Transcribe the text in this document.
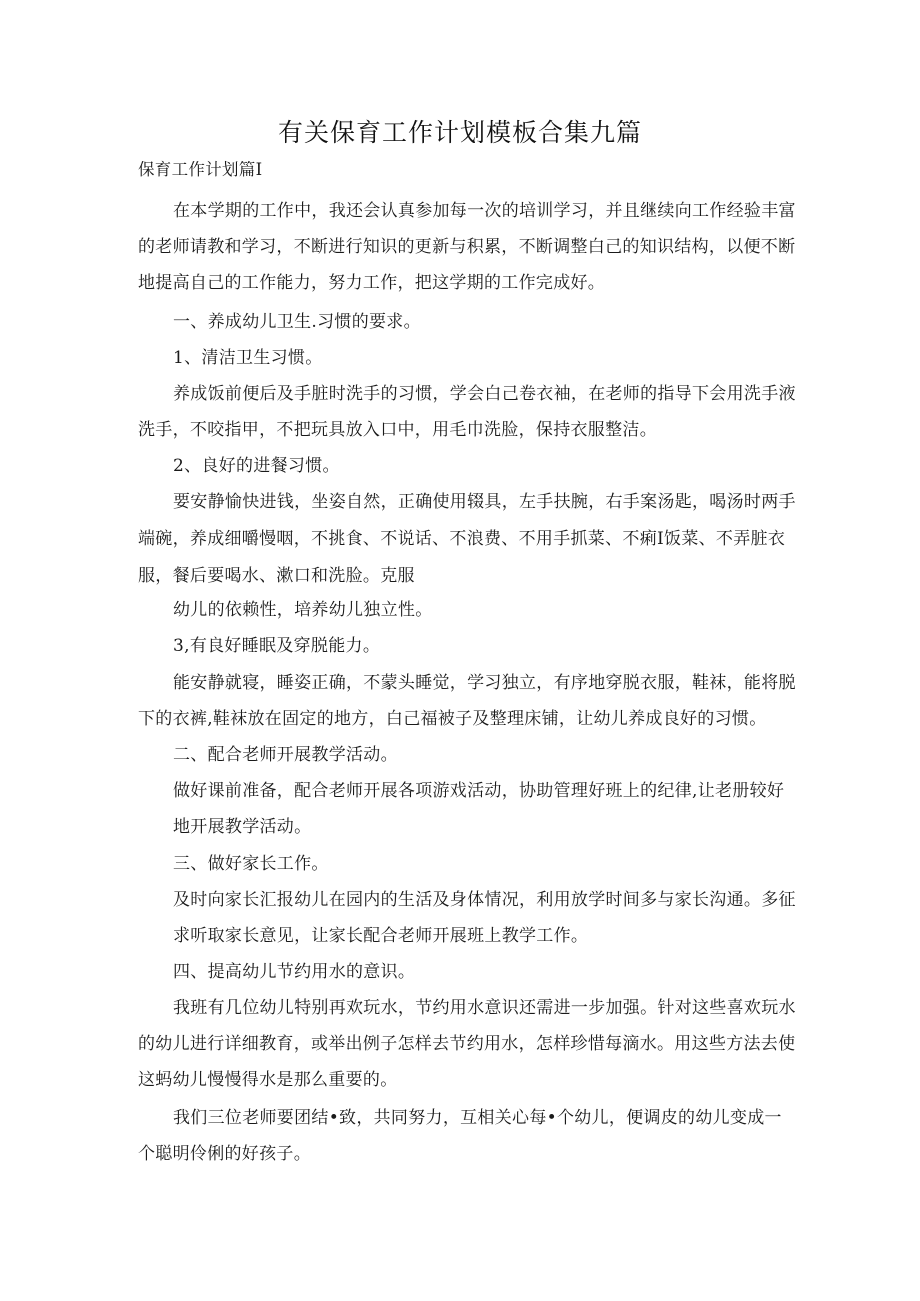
有关保育工作计划模板合集九篇
保育工作计划篇I
在本学期的工作中，我还会认真参加每一次的培训学习，并且继续向工作经验丰富
的老师请教和学习，不断进行知识的更新与积累，不断调整白己的知识结构，以便不断
地提高自己的工作能力，努力工作，把这学期的工作完成好。
一、养成幼儿卫生.习惯的要求。
1、清洁卫生习惯。
养成饭前便后及手脏时洗手的习惯，学会白己卷衣袖，在老师的指导下会用洗手液
洗手，不咬指甲，不把玩具放入口中，用毛巾洗脸，保持衣服整洁。
2、良好的进餐习惯。
要安静愉快进钱，坐姿自然，正确使用辍具，左手扶腕，右手案汤匙，喝汤时两手
端碗，养成细嚼慢咽，不挑食、不说话、不浪费、不用手抓菜、不痢I饭菜、不弄脏衣
服，餐后要喝水、漱口和洗脸。克服
幼儿的依赖性，培养幼儿独立性。
3,有良好睡眠及穿脱能力。
能安静就寝，睡姿正确，不蒙头睡觉，学习独立，有序地穿脱衣服，鞋袜，能将脱
下的衣裤,鞋袜放在固定的地方，白己福被子及整理床铺，让幼儿养成良好的习惯。
二、配合老师开展教学活动。
做好课前准备，配合老师开展各项游戏活动，协助管理好班上的纪律,让老册较好
地开展教学活动。
三、做好家长工作。
及时向家长汇报幼儿在园内的生活及身体情况，利用放学时间多与家长沟通。多征
求听取家长意见，让家长配合老师开展班上教学工作。
四、提高幼儿节约用水的意识。
我班有几位幼儿特别再欢玩水，节约用水意识还需进一步加强。针对这些喜欢玩水
的幼儿进行详细教育，或举出例子怎样去节约用水，怎样珍惜每滴水。用这些方法去使
这蚂幼儿慢慢得水是那么重要的。
我们三位老师要团结•致，共同努力，互相关心每•个幼儿，便调皮的幼儿变成一
个聪明伶俐的好孩子。
